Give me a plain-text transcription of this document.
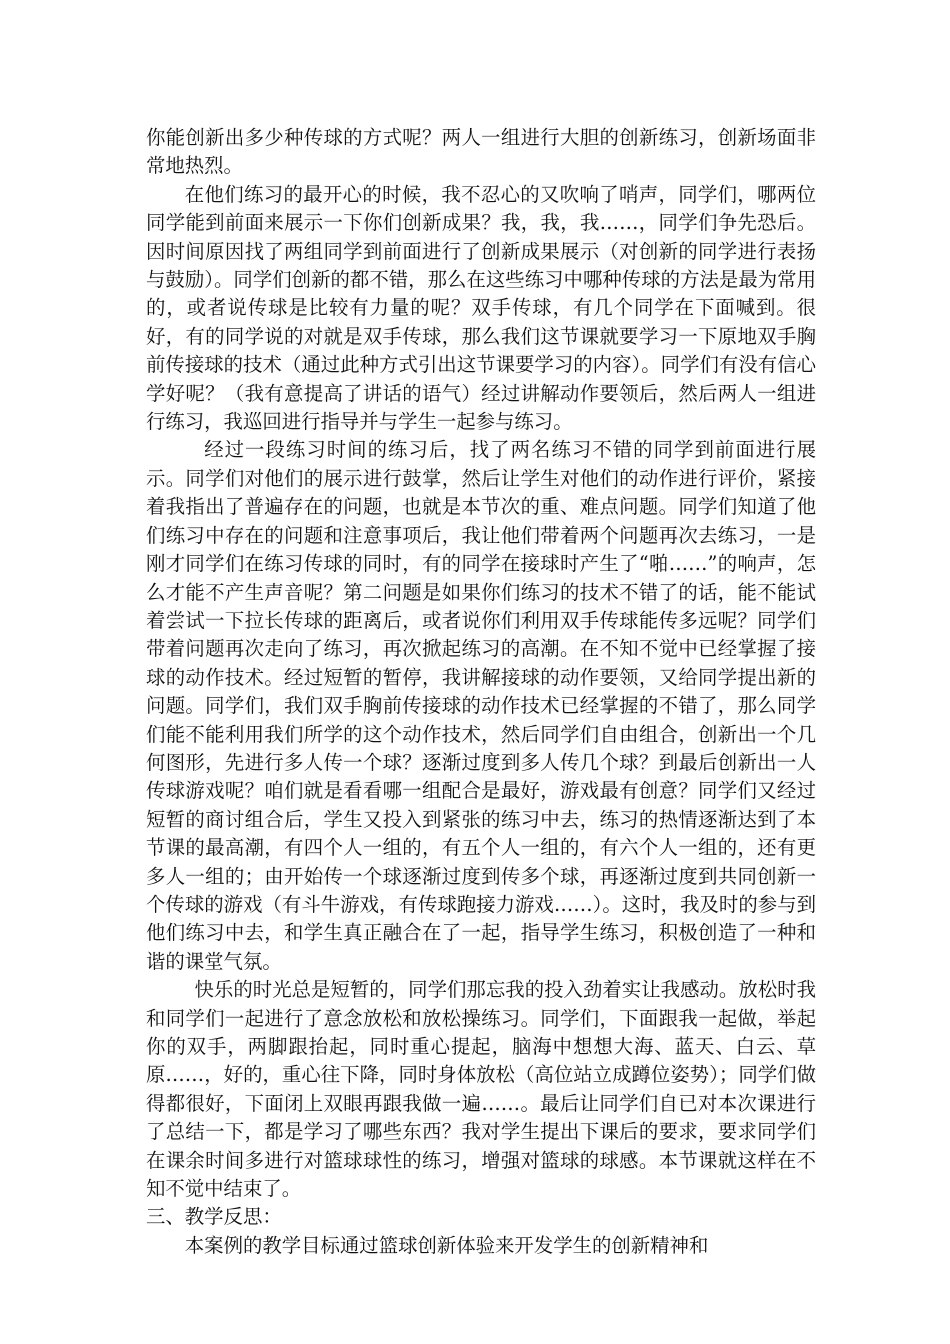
你能创新出多少种传球的方式呢？两人一组进行大胆的创新练习，创新场面非常地热烈。

在他们练习的最开心的时候，我不忍心的又吹响了哨声，同学们，哪两位同学能到前面来展示一下你们创新成果？我，我，我……，同学们争先恐后。因时间原因找了两组同学到前面进行了创新成果展示（对创新的同学进行表扬与鼓励）。同学们创新的都不错，那么在这些练习中哪种传球的方法是最为常用的，或者说传球是比较有力量的呢？双手传球，有几个同学在下面喊到。很好，有的同学说的对就是双手传球，那么我们这节课就要学习一下原地双手胸前传接球的技术（通过此种方式引出这节课要学习的内容）。同学们有没有信心学好呢？（我有意提高了讲话的语气）经过讲解动作要领后，然后两人一组进行练习，我巡回进行指导并与学生一起参与练习。

经过一段练习时间的练习后，找了两名练习不错的同学到前面进行展示。同学们对他们的展示进行鼓掌，然后让学生对他们的动作进行评价，紧接着我指出了普遍存在的问题，也就是本节次的重、难点问题。同学们知道了他们练习中存在的问题和注意事项后，我让他们带着两个问题再次去练习，一是刚才同学们在练习传球的同时，有的同学在接球时产生了“啪……”的响声，怎么才能不产生声音呢？第二问题是如果你们练习的技术不错了的话，能不能试着尝试一下拉长传球的距离后，或者说你们利用双手传球能传多远呢？同学们带着问题再次走向了练习，再次掀起练习的高潮。在不知不觉中已经掌握了接球的动作技术。经过短暂的暂停，我讲解接球的动作要领，又给同学提出新的问题。同学们，我们双手胸前传接球的动作技术已经掌握的不错了，那么同学们能不能利用我们所学的这个动作技术，然后同学们自由组合，创新出一个几何图形，先进行多人传一个球？逐渐过度到多人传几个球？到最后创新出一人传球游戏呢？咱们就是看看哪一组配合是最好，游戏最有创意？同学们又经过短暂的商讨组合后，学生又投入到紧张的练习中去，练习的热情逐渐达到了本节课的最高潮，有四个人一组的，有五个人一组的，有六个人一组的，还有更多人一组的；由开始传一个球逐渐过度到传多个球，再逐渐过度到共同创新一个传球的游戏（有斗牛游戏，有传球跑接力游戏……）。这时，我及时的参与到他们练习中去，和学生真正融合在了一起，指导学生练习，积极创造了一种和谐的课堂气氛。

快乐的时光总是短暂的，同学们那忘我的投入劲着实让我感动。放松时我和同学们一起进行了意念放松和放松操练习。同学们，下面跟我一起做，举起你的双手，两脚跟抬起，同时重心提起，脑海中想想大海、蓝天、白云、草原……，好的，重心往下降，同时身体放松（高位站立成蹲位姿势）；同学们做得都很好，下面闭上双眼再跟我做一遍……。最后让同学们自已对本次课进行了总结一下，都是学习了哪些东西？我对学生提出下课后的要求，要求同学们在课余时间多进行对篮球球性的练习，增强对篮球的球感。本节课就这样在不知不觉中结束了。

三、教学反思：

本案例的教学目标通过篮球创新体验来开发学生的创新精神和
